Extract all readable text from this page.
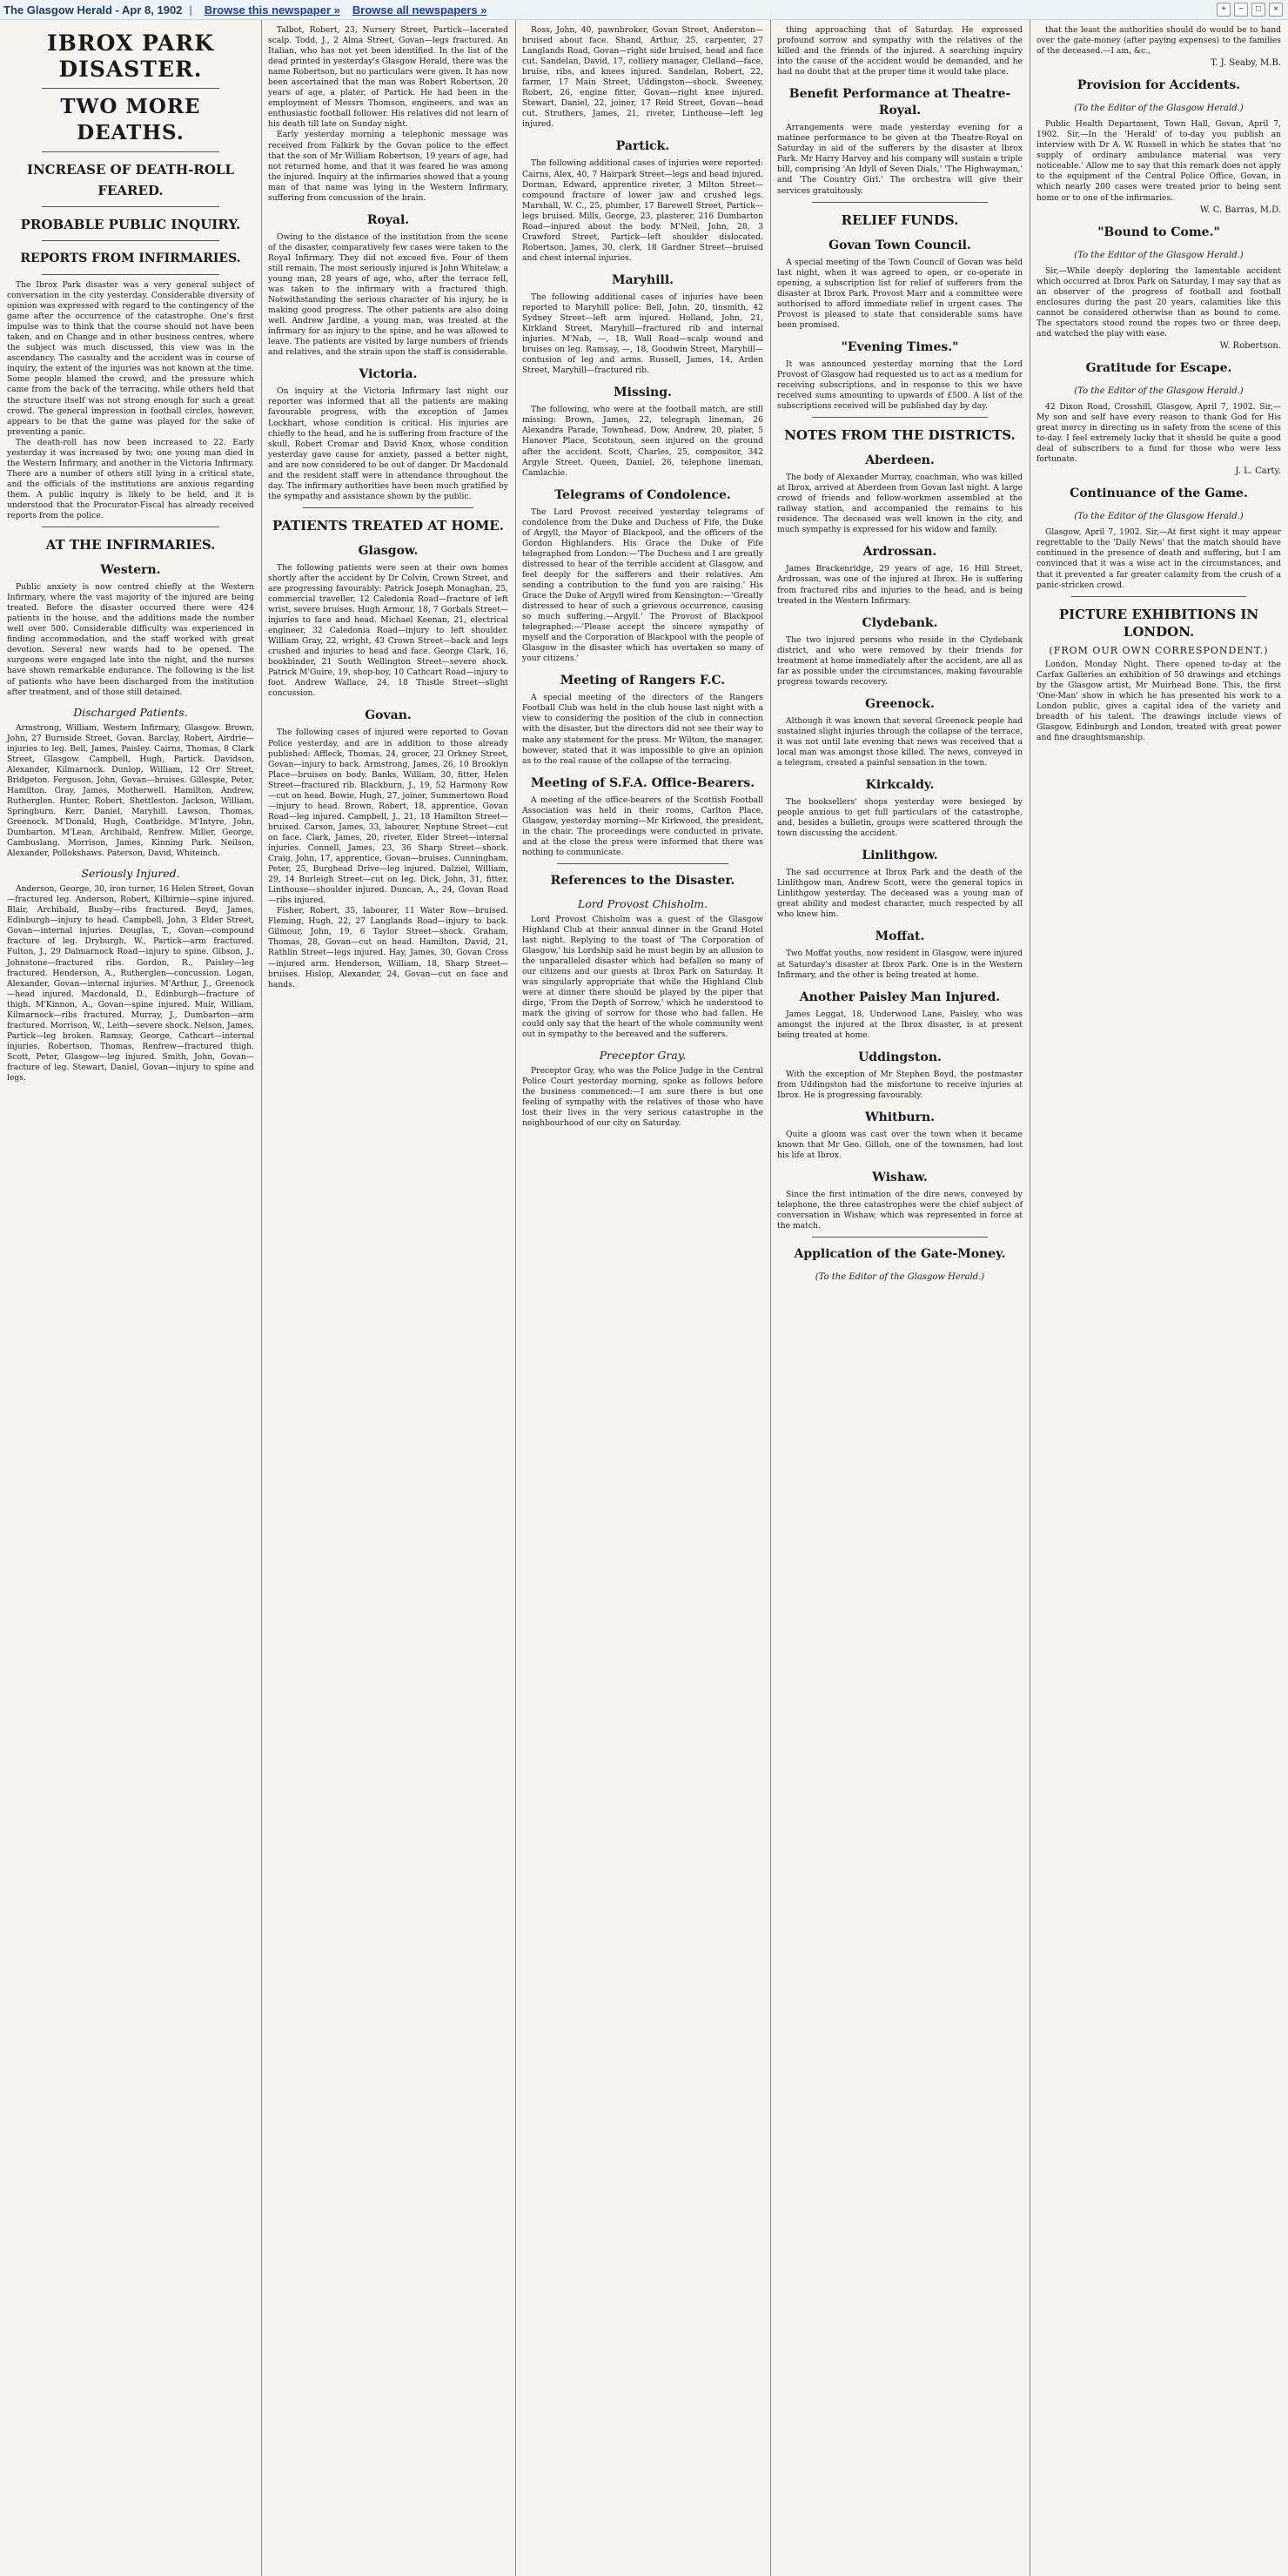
The Glasgow Herald - Apr 8, 1902 | Browse this newspaper » Browse all newspapers »	+	−	□	×
IBROX PARK DISASTER.
TWO MORE DEATHS.
INCREASE OF DEATH-ROLL FEARED.
PROBABLE PUBLIC INQUIRY.
REPORTS FROM INFIRMARIES.

The Ibrox Park disaster was a very general subject of conversation in the city yesterday. Considerable diversity of opinion was expressed with regard to the contingency of the game after the occurrence of the catastrophe. One's first impulse was to think that the course should not have been taken, and on Change and in other business centres, where the subject was much discussed, this view was in the ascendancy. The casualty and the accident was in course of inquiry, the extent of the injuries was not known at the time. Some people blamed the crowd, and the pressure which came from the back of the terracing, while others held that the structure itself was not strong enough for such a great crowd. The general impression in football circles, however, appears to be that the game was played for the sake of preventing a panic.

The death-roll has now been increased to 22. Early yesterday it was increased by two; one young man died in the Western Infirmary, and another in the Victoria Infirmary. There are a number of others still lying in a critical state, and the officials of the institutions are anxious regarding them. A public inquiry is likely to be held, and it is understood that the Procurator-Fiscal has already received reports from the police.

AT THE INFIRMARIES.
Western.

Public anxiety is now centred chiefly at the Western Infirmary, where the vast majority of the injured are being treated. Before the disaster occurred there were 424 patients in the house, and the additions made the number well over 500. Considerable difficulty was experienced in finding accommodation, and the staff worked with great devotion. Several new wards had to be opened. The surgeons were engaged late into the night, and the nurses have shown remarkable endurance. The following is the list of patients who have been discharged from the institution after treatment, and of those still detained.

Discharged Patients.

Armstrong, William, Western Infirmary, Glasgow. Brown, John, 27 Burnside Street, Govan. Barclay, Robert, Airdrie—injuries to leg. Bell, James, Paisley. Cairns, Thomas, 8 Clark Street, Glasgow. Campbell, Hugh, Partick. Davidson, Alexander, Kilmarnock. Dunlop, William, 12 Orr Street, Bridgeton. Ferguson, John, Govan—bruises. Gillespie, Peter, Hamilton. Gray, James, Motherwell. Hamilton, Andrew, Rutherglen. Hunter, Robert, Shettleston. Jackson, William, Springburn. Kerr, Daniel, Maryhill. Lawson, Thomas, Greenock. M'Donald, Hugh, Coatbridge. M'Intyre, John, Dumbarton. M'Lean, Archibald, Renfrew. Miller, George, Cambuslang. Morrison, James, Kinning Park. Neilson, Alexander, Pollokshaws. Paterson, David, Whiteinch.

Seriously Injured.

Anderson, George, 30, iron turner, 16 Helen Street, Govan—fractured leg. Anderson, Robert, Kilbirnie—spine injured. Blair, Archibald, Busby—ribs fractured. Boyd, James, Edinburgh—injury to head. Campbell, John, 3 Elder Street, Govan—internal injuries. Douglas, T., Govan—compound fracture of leg. Dryburgh, W., Partick—arm fractured. Fulton, J., 29 Dalmarnock Road—injury to spine. Gibson, J., Johnstone—fractured ribs. Gordon, R., Paisley—leg fractured. Henderson, A., Rutherglen—concussion. Logan, Alexander, Govan—internal injuries. M'Arthur, J., Greenock—head injured. Macdonald, D., Edinburgh—fracture of thigh. M'Kinnon, A., Govan—spine injured. Muir, William, Kilmarnock—ribs fractured. Murray, J., Dumbarton—arm fractured. Morrison, W., Leith—severe shock. Nelson, James, Partick—leg broken. Ramsay, George, Cathcart—internal injuries. Robertson, Thomas, Renfrew—fractured thigh. Scott, Peter, Glasgow—leg injured. Smith, John, Govan—fracture of leg. Stewart, Daniel, Govan—injury to spine and legs.

Talbot, Robert, 23, Nursery Street, Partick—lacerated scalp. Todd, J., 2 Alma Street, Govan—legs fractured. An Italian, who has not yet been identified. In the list of the dead printed in yesterday's Glasgow Herald, there was the name Robertson, but no particulars were given. It has now been ascertained that the man was Robert Robertson, 20 years of age, a plater, of Partick. He had been in the employment of Messrs Thomson, engineers, and was an enthusiastic football follower. His relatives did not learn of his death till late on Sunday night.

Early yesterday morning a telephonic message was received from Falkirk by the Govan police to the effect that the son of Mr William Robertson, 19 years of age, had not returned home, and that it was feared he was among the injured. Inquiry at the infirmaries showed that a young man of that name was lying in the Western Infirmary, suffering from concussion of the brain.

Royal.

Owing to the distance of the institution from the scene of the disaster, comparatively few cases were taken to the Royal Infirmary. They did not exceed five. Four of them still remain. The most seriously injured is John Whitelaw, a young man, 28 years of age, who, after the terrace fell, was taken to the infirmary with a fractured thigh. Notwithstanding the serious character of his injury, he is making good progress. The other patients are also doing well. Andrew Jardine, a young man, was treated at the infirmary for an injury to the spine, and he was allowed to leave. The patients are visited by large numbers of friends and relatives, and the strain upon the staff is considerable.

Victoria.

On inquiry at the Victoria Infirmary last night our reporter was informed that all the patients are making favourable progress, with the exception of James Lockhart, whose condition is critical. His injuries are chiefly to the head, and he is suffering from fracture of the skull. Robert Cromar and David Knox, whose condition yesterday gave cause for anxiety, passed a better night, and are now considered to be out of danger. Dr Macdonald and the resident staff were in attendance throughout the day. The infirmary authorities have been much gratified by the sympathy and assistance shown by the public.

PATIENTS TREATED AT HOME.
Glasgow.

The following patients were seen at their own homes shortly after the accident by Dr Colvin, Crown Street, and are progressing favourably: Patrick Joseph Monaghan, 25, commercial traveller, 12 Caledonia Road—fracture of left wrist, severe bruises. Hugh Armour, 18, 7 Gorbals Street—injuries to face and head. Michael Keenan, 21, electrical engineer, 32 Caledonia Road—injury to left shoulder. William Gray, 22, wright, 43 Crown Street—back and legs crushed and injuries to head and face. George Clark, 16, bookbinder, 21 South Wellington Street—severe shock. Patrick M'Guire, 19, shop-boy, 10 Cathcart Road—injury to foot. Andrew Wallace, 24, 18 Thistle Street—slight concussion.

Govan.

The following cases of injured were reported to Govan Police yesterday, and are in addition to those already published: Affleck, Thomas, 24, grocer, 23 Orkney Street, Govan—injury to back. Armstrong, James, 26, 10 Brooklyn Place—bruises on body. Banks, William, 30, fitter, Helen Street—fractured rib. Blackburn, J., 19, 52 Harmony Row—cut on head. Bowie, Hugh, 27, joiner, Summertown Road—injury to head. Brown, Robert, 18, apprentice, Govan Road—leg injured. Campbell, J., 21, 18 Hamilton Street—bruised. Carson, James, 33, labourer, Neptune Street—cut on face. Clark, James, 20, riveter, Elder Street—internal injuries. Connell, James, 23, 36 Sharp Street—shock. Craig, John, 17, apprentice, Govan—bruises. Cunningham, Peter, 25, Burghead Drive—leg injured. Dalziel, William, 29, 14 Burleigh Street—cut on leg. Dick, John, 31, fitter, Linthouse—shoulder injured. Duncan, A., 24, Govan Road—ribs injured.

Fisher, Robert, 35, labourer, 11 Water Row—bruised. Fleming, Hugh, 22, 27 Langlands Road—injury to back. Gilmour, John, 19, 6 Taylor Street—shock. Graham, Thomas, 28, Govan—cut on head. Hamilton, David, 21, Rathlin Street—legs injured. Hay, James, 30, Govan Cross—injured arm. Henderson, William, 18, Sharp Street—bruises. Hislop, Alexander, 24, Govan—cut on face and hands.

Ross, John, 40, pawnbroker, Govan Street, Anderston—bruised about face. Shand, Arthur, 25, carpenter, 27 Langlands Road, Govan—right side bruised, head and face cut. Sandelan, David, 17, colliery manager, Clelland—face, bruise, ribs, and knees injured. Sandelan, Robert, 22, farmer, 17 Main Street, Uddingston—shock. Sweeney, Robert, 26, engine fitter, Govan—right knee injured. Stewart, Daniel, 22, joiner, 17 Reid Street, Govan—head cut. Struthers, James, 21, riveter, Linthouse—left leg injured.

Partick.

The following additional cases of injuries were reported: Cairns, Alex, 40, 7 Hairpark Street—legs and head injured. Dorman, Edward, apprentice riveter, 3 Milton Street—compound fracture of lower jaw and crushed legs. Marshall, W. C., 25, plumber, 17 Barewell Street, Partick—legs bruised. Mills, George, 23, plasterer, 216 Dumbarton Road—injured about the body. M'Neil, John, 28, 3 Crawford Street, Partick—left shoulder dislocated. Robertson, James, 30, clerk, 18 Gardner Street—bruised and chest internal injuries.

Maryhill.

The following additional cases of injuries have been reported to Maryhill police: Bell, John, 20, tinsmith, 42 Sydney Street—left arm injured. Holland, John, 21, Kirkland Street, Maryhill—fractured rib and internal injuries. M'Nab, —, 18, Wall Road—scalp wound and bruises on leg. Ramsay, —, 18, Goodwin Street, Maryhill—contusion of leg and arms. Russell, James, 14, Arden Street, Maryhill—fractured rib.

Missing.

The following, who were at the football match, are still missing: Brown, James, 22, telegraph lineman, 26 Alexandra Parade, Townhead. Dow, Andrew, 20, plater, 5 Hanover Place, Scotstoun, seen injured on the ground after the accident. Scott, Charles, 25, compositor, 342 Argyle Street. Queen, Daniel, 26, telephone lineman, Camlachie.

Telegrams of Condolence.

The Lord Provost received yesterday telegrams of condolence from the Duke and Duchess of Fife, the Duke of Argyll, the Mayor of Blackpool, and the officers of the Gordon Highlanders. His Grace the Duke of Fife telegraphed from London:—'The Duchess and I are greatly distressed to hear of the terrible accident at Glasgow, and feel deeply for the sufferers and their relatives. Am sending a contribution to the fund you are raising.' His Grace the Duke of Argyll wired from Kensington:—'Greatly distressed to hear of such a grievous occurrence, causing so much suffering.—Argyll.' The Provost of Blackpool telegraphed:—'Please accept the sincere sympathy of myself and the Corporation of Blackpool with the people of Glasgow in the disaster which has overtaken so many of your citizens.'

Meeting of Rangers F.C.

A special meeting of the directors of the Rangers Football Club was held in the club house last night with a view to considering the position of the club in connection with the disaster, but the directors did not see their way to make any statement for the press. Mr Wilton, the manager, however, stated that it was impossible to give an opinion as to the real cause of the collapse of the terracing.

Meeting of S.F.A. Office-Bearers.

A meeting of the office-bearers of the Scottish Football Association was held in their rooms, Carlton Place, Glasgow, yesterday morning—Mr Kirkwood, the president, in the chair. The proceedings were conducted in private, and at the close the press were informed that there was nothing to communicate.

References to the Disaster.
Lord Provost Chisholm.

Lord Provost Chisholm was a guest of the Glasgow Highland Club at their annual dinner in the Grand Hotel last night. Replying to the toast of 'The Corporation of Glasgow,' his Lordship said he must begin by an allusion to the unparalleled disaster which had befallen so many of our citizens and our guests at Ibrox Park on Saturday. It was singularly appropriate that while the Highland Club were at dinner there should be played by the piper that dirge, 'From the Depth of Sorrow,' which he understood to mark the giving of sorrow for those who had fallen. He could only say that the heart of the whole community went out in sympathy to the bereaved and the sufferers.

Preceptor Gray.

Preceptor Gray, who was the Police Judge in the Central Police Court yesterday morning, spoke as follows before the business commenced:—I am sure there is but one feeling of sympathy with the relatives of those who have lost their lives in the very serious catastrophe in the neighbourhood of our city on Saturday.

thing approaching that of Saturday. He expressed profound sorrow and sympathy with the relatives of the killed and the friends of the injured. A searching inquiry into the cause of the accident would be demanded, and he had no doubt that at the proper time it would take place.

Benefit Performance at Theatre-Royal.

Arrangements were made yesterday evening for a matinee performance to be given at the Theatre-Royal on Saturday in aid of the sufferers by the disaster at Ibrox Park. Mr Harry Harvey and his company will sustain a triple bill, comprising 'An Idyll of Seven Dials,' 'The Highwayman,' and 'The Country Girl.' The orchestra will give their services gratuitously.

RELIEF FUNDS.
Govan Town Council.

A special meeting of the Town Council of Govan was held last night, when it was agreed to open, or co-operate in opening, a subscription list for relief of sufferers from the disaster at Ibrox Park. Provost Marr and a committee were authorised to afford immediate relief in urgent cases. The Provost is pleased to state that considerable sums have been promised.

"Evening Times."

It was announced yesterday morning that the Lord Provost of Glasgow had requested us to act as a medium for receiving subscriptions, and in response to this we have received sums amounting to upwards of £500. A list of the subscriptions received will be published day by day.

NOTES FROM THE DISTRICTS.
Aberdeen.

The body of Alexander Murray, coachman, who was killed at Ibrox, arrived at Aberdeen from Govan last night. A large crowd of friends and fellow-workmen assembled at the railway station, and accompanied the remains to his residence. The deceased was well known in the city, and much sympathy is expressed for his widow and family.

Ardrossan.

James Brackenridge, 29 years of age, 16 Hill Street, Ardrossan, was one of the injured at Ibrox. He is suffering from fractured ribs and injuries to the head, and is being treated in the Western Infirmary.

Clydebank.

The two injured persons who reside in the Clydebank district, and who were removed by their friends for treatment at home immediately after the accident, are all as far as possible under the circumstances, making favourable progress towards recovery.

Greenock.

Although it was known that several Greenock people had sustained slight injuries through the collapse of the terrace, it was not until late evening that news was received that a local man was amongst those killed. The news, conveyed in a telegram, created a painful sensation in the town.

Kirkcaldy.

The booksellers' shops yesterday were besieged by people anxious to get full particulars of the catastrophe, and, besides a bulletin, groups were scattered through the town discussing the accident.

Linlithgow.

The sad occurrence at Ibrox Park and the death of the Linlithgow man, Andrew Scott, were the general topics in Linlithgow yesterday. The deceased was a young man of great ability and modest character, much respected by all who knew him.

Moffat.

Two Moffat youths, now resident in Glasgow, were injured at Saturday's disaster at Ibrox Park. One is in the Western Infirmary, and the other is being treated at home.

Another Paisley Man Injured.

James Leggat, 18, Underwood Lane, Paisley, who was amongst the injured at the Ibrox disaster, is at present being treated at home.

Uddingston.

With the exception of Mr Stephen Boyd, the postmaster from Uddingston had the misfortune to receive injuries at Ibrox. He is progressing favourably.

Whitburn.

Quite a gloom was cast over the town when it became known that Mr Geo. Gilloh, one of the townsmen, had lost his life at Ibrox.

Wishaw.

Since the first intimation of the dire news, conveyed by telephone, the three catastrophes were the chief subject of conversation in Wishaw, which was represented in force at the match.

Application of the Gate-Money.
(To the Editor of the Glasgow Herald.)

that the least the authorities should do would be to hand over the gate-money (after paying expenses) to the families of the deceased.—I am, &c.,

T. J. Seaby, M.B.
Provision for Accidents.
(To the Editor of the Glasgow Herald.)

Public Health Department, Town Hall, Govan, April 7, 1902. Sir,—In the 'Herald' of to-day you publish an interview with Dr A. W. Russell in which he states that 'no supply of ordinary ambulance material was very noticeable.' Allow me to say that this remark does not apply to the equipment of the Central Police Office, Govan, in which nearly 200 cases were treated prior to being sent home or to one of the infirmaries.

W. C. Barras, M.D.
"Bound to Come."
(To the Editor of the Glasgow Herald.)

Sir,—While deeply deploring the lamentable accident which occurred at Ibrox Park on Saturday, I may say that as an observer of the progress of football and football enclosures during the past 20 years, calamities like this cannot be considered otherwise than as bound to come. The spectators stood round the ropes two or three deep, and watched the play with ease.

W. Robertson.
Gratitude for Escape.
(To the Editor of the Glasgow Herald.)

42 Dixon Road, Crosshill, Glasgow, April 7, 1902. Sir,—My son and self have every reason to thank God for His great mercy in directing us in safety from the scene of this to-day. I feel extremely lucky that it should be quite a good deal of subscribers to a fund for those who were less fortunate.

J. L. Carty.
Continuance of the Game.
(To the Editor of the Glasgow Herald.)

Glasgow, April 7, 1902. Sir,—At first sight it may appear regrettable to the 'Daily News' that the match should have continued in the presence of death and suffering, but I am convinced that it was a wise act in the circumstances, and that it prevented a far greater calamity from the crush of a panic-stricken crowd.

PICTURE EXHIBITIONS IN LONDON.
(FROM OUR OWN CORRESPONDENT.)

London, Monday Night. There opened to-day at the Carfax Galleries an exhibition of 50 drawings and etchings by the Glasgow artist, Mr Muirhead Bone. This, the first 'One-Man' show in which he has presented his work to a London public, gives a capital idea of the variety and breadth of his talent. The drawings include views of Glasgow, Edinburgh and London, treated with great power and fine draughtsmanship.
